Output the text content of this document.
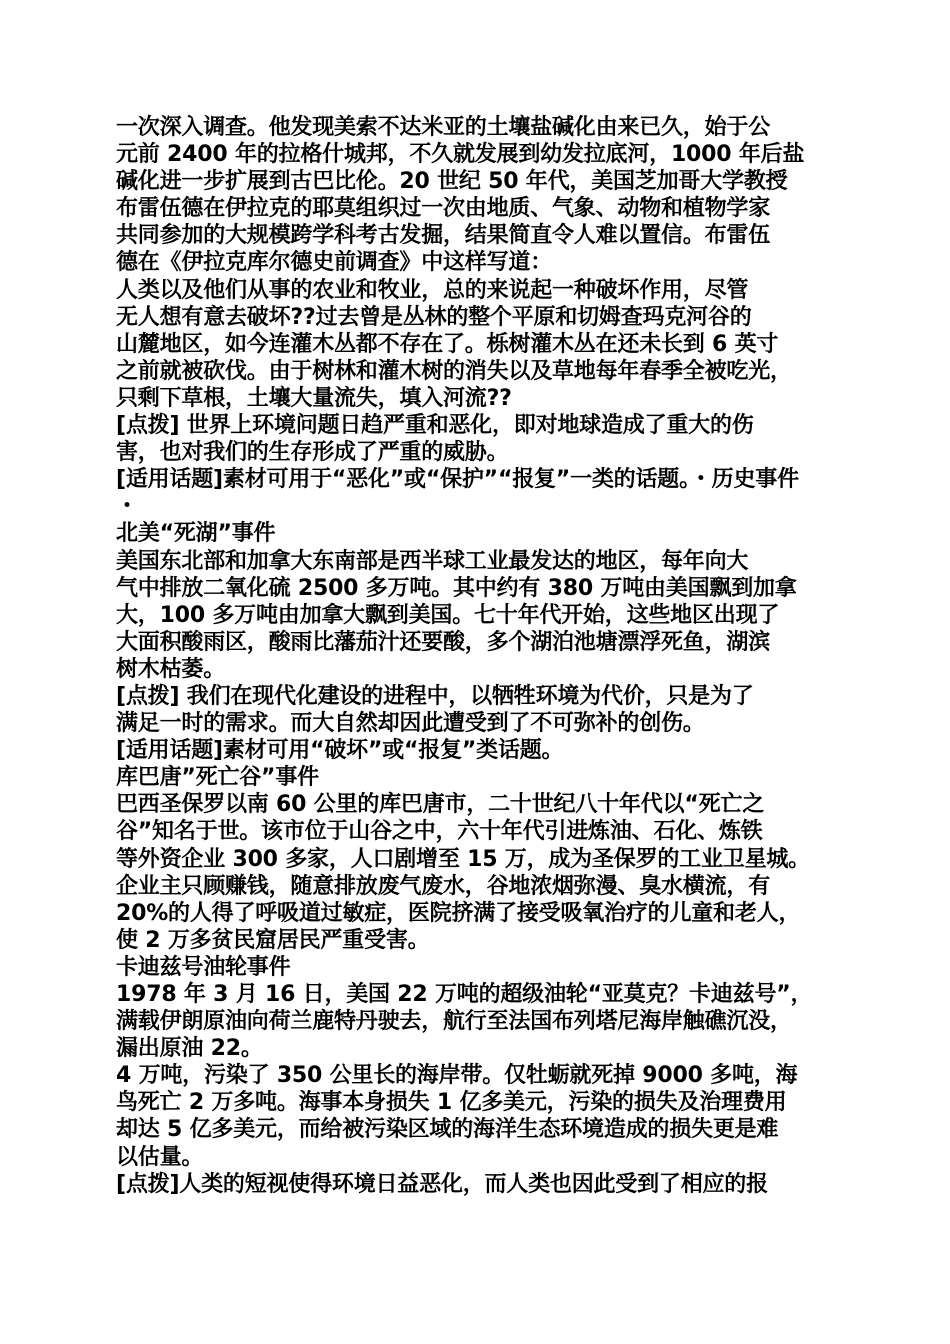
一次深入调查。他发现美索不达米亚的土壤盐碱化由来已久，始于公
元前 2400 年的拉格什城邦，不久就发展到幼发拉底河，1000 年后盐
碱化进一步扩展到古巴比伦。20 世纪 50 年代，美国芝加哥大学教授
布雷伍德在伊拉克的耶莫组织过一次由地质、气象、动物和植物学家
共同参加的大规模跨学科考古发掘，结果简直令人难以置信。布雷伍
德在《伊拉克库尔德史前调查》中这样写道：
人类以及他们从事的农业和牧业，总的来说起一种破坏作用，尽管
无人想有意去破坏??过去曾是丛林的整个平原和切姆查玛克河谷的
山麓地区，如今连灌木丛都不存在了。栎树灌木丛在还未长到 6 英寸
之前就被砍伐。由于树林和灌木树的消失以及草地每年春季全被吃光，
只剩下草根，土壤大量流失，填入河流??
[点拨] 世界上环境问题日趋严重和恶化，即对地球造成了重大的伤
害，也对我们的生存形成了严重的威胁。
[适用话题]素材可用于“恶化”或“保护”“报复”一类的话题。・历史事件
・
北美“死湖”事件
美国东北部和加拿大东南部是西半球工业最发达的地区，每年向大
气中排放二氧化硫 2500 多万吨。其中约有 380 万吨由美国飘到加拿
大，100 多万吨由加拿大飘到美国。七十年代开始，这些地区出现了
大面积酸雨区，酸雨比藩茄汁还要酸，多个湖泊池塘漂浮死鱼，湖滨
树木枯萎。
[点拨] 我们在现代化建设的进程中，以牺牲环境为代价，只是为了
满足一时的需求。而大自然却因此遭受到了不可弥补的创伤。
[适用话题]素材可用“破坏”或“报复”类话题。
库巴唐”死亡谷”事件
巴西圣保罗以南 60 公里的库巴唐市，二十世纪八十年代以“死亡之
谷”知名于世。该市位于山谷之中，六十年代引进炼油、石化、炼铁
等外资企业 300 多家，人口剧增至 15 万，成为圣保罗的工业卫星城。
企业主只顾赚钱，随意排放废气废水，谷地浓烟弥漫、臭水横流，有
20%的人得了呼吸道过敏症，医院挤满了接受吸氧治疗的儿童和老人，
使 2 万多贫民窟居民严重受害。
卡迪兹号油轮事件
1978 年 3 月 16 日，美国 22 万吨的超级油轮“亚莫克？卡迪兹号”，
满载伊朗原油向荷兰鹿特丹驶去，航行至法国布列塔尼海岸触礁沉没，
漏出原油 22。
4 万吨，污染了 350 公里长的海岸带。仅牡蛎就死掉 9000 多吨，海
鸟死亡 2 万多吨。海事本身损失 1 亿多美元，污染的损失及治理费用
却达 5 亿多美元，而给被污染区域的海洋生态环境造成的损失更是难
以估量。
[点拨]人类的短视使得环境日益恶化，而人类也因此受到了相应的报
